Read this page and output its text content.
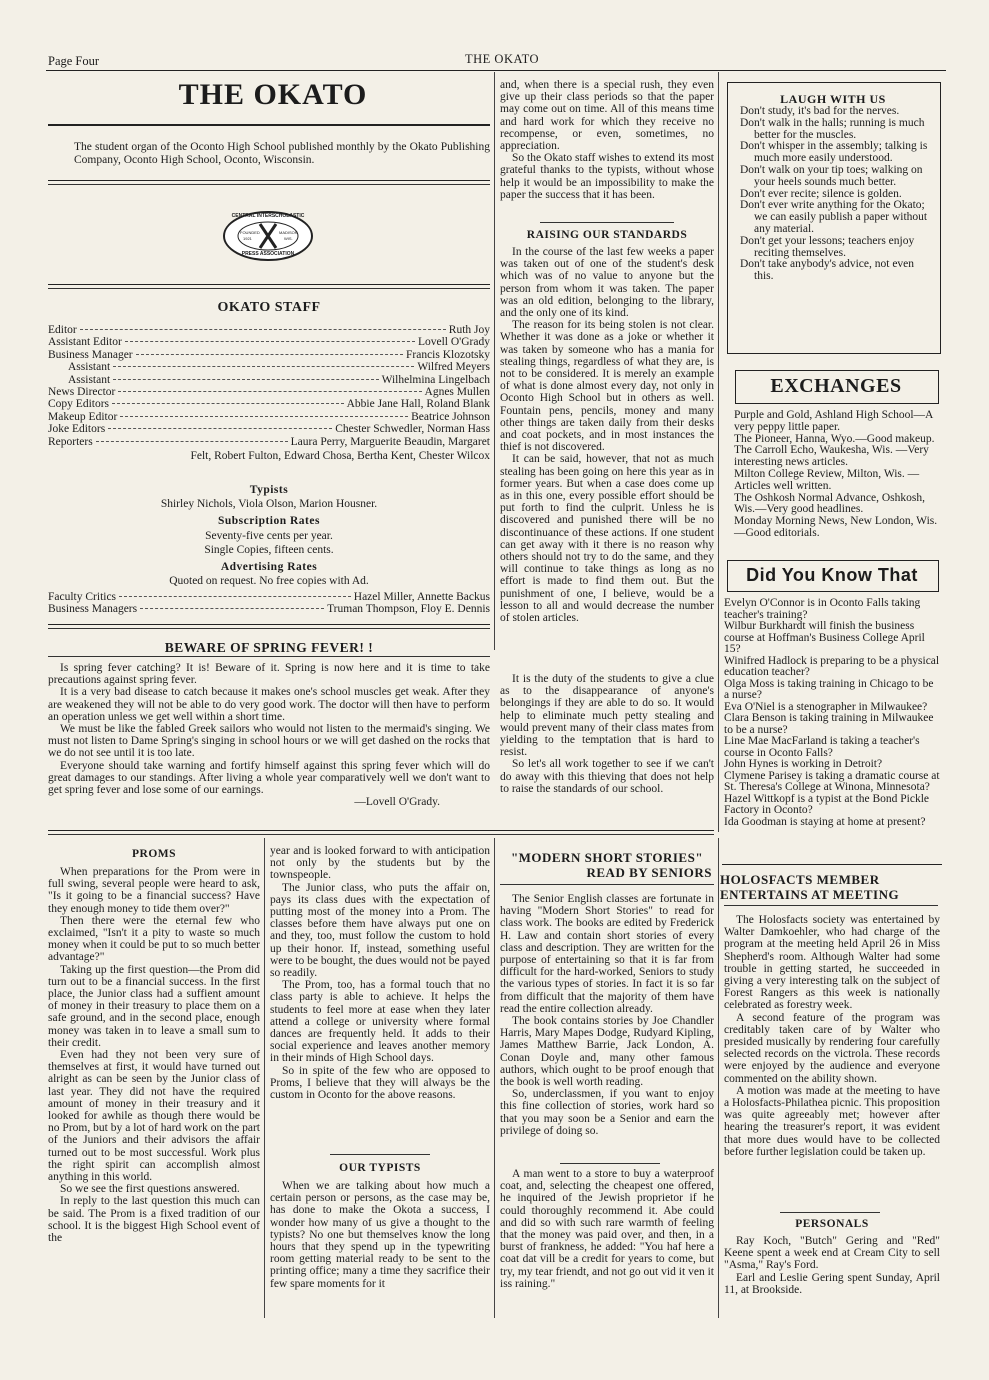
Page Four	THE OKATO
THE OKATO
The student organ of the Oconto High School published monthly by the Okato Publishing Company, Oconto High School, Oconto, Wisconsin.
CENTRAL INTERSCHOLASTIC
FOUNDED
1921
MADISON
WIS.
PRESS ASSOCIATION
OKATO STAFF
Editor	Ruth Joy
Assistant Editor	Lovell O'Grady
Business Manager	Francis Klozotsky
Assistant	Wilfred Meyers
Assistant	Wilhelmina Lingelbach
News Director	Agnes Mullen
Copy Editors	Abbie Jane Hall, Roland Blank
Makeup Editor	Beatrice Johnson
Joke Editors	Chester Schwedler, Norman Hass
Reporters	Laura Perry, Marguerite Beaudin, Margaret
Felt, Robert Fulton, Edward Chosa, Bertha Kent, Chester Wilcox
Typists
Shirley Nichols, Viola Olson, Marion Housner.
Subscription Rates
Seventy-five cents per year.
Single Copies, fifteen cents.
Advertising Rates
Quoted on request. No free copies with Ad.
Faculty Critics	Hazel Miller, Annette Backus
Business Managers	Truman Thompson, Floy E. Dennis

and, when there is a special rush, they even give up their class periods so that the paper may come out on time. All of this means time and hard work for which they receive no recompense, or even, sometimes, no appreciation.

So the Okato staff wishes to extend its most grateful thanks to the typists, without whose help it would be an impossibility to make the paper the success that it has been.

RAISING OUR STANDARDS

In the course of the last few weeks a paper was taken out of one of the student's desk which was of no value to anyone but the person from whom it was taken. The paper was an old edition, belonging to the library, and the only one of its kind.

The reason for its being stolen is not clear. Whether it was done as a joke or whether it was taken by someone who has a mania for stealing things, regardless of what they are, is not to be considered. It is merely an example of what is done almost every day, not only in Oconto High School but in others as well. Fountain pens, pencils, money and many other things are taken daily from their desks and coat pockets, and in most instances the thief is not discovered.

It can be said, however, that not as much stealing has been going on here this year as in former years. But when a case does come up as in this one, every possible effort should be put forth to find the culprit. Unless he is discovered and punished there will be no discontinuance of these actions. If one student can get away with it there is no reason why others should not try to do the same, and they will continue to take things as long as no effort is made to find them out. But the punishment of one, I believe, would be a lesson to all and would decrease the number of stolen articles.

It is the duty of the students to give a clue as to the disappearance of anyone's belongings if they are able to do so. It would help to eliminate much petty stealing and would prevent many of their class mates from yielding to the temptation that is hard to resist.

So let's all work together to see if we can't do away with this thieving that does not help to raise the standards of our school.

BEWARE OF SPRING FEVER! !

Is spring fever catching? It is! Beware of it. Spring is now here and it is time to take precautions against spring fever.

It is a very bad disease to catch because it makes one's school muscles get weak. After they are weakened they will not be able to do very good work. The doctor will then have to perform an operation unless we get well within a short time.

We must be like the fabled Greek sailors who would not listen to the mermaid's singing. We must not listen to Dame Spring's singing in school hours or we will get dashed on the rocks that we do not see until it is too late.

Everyone should take warning and fortify himself against this spring fever which will do great damages to our standings. After living a whole year comparatively well we don't want to get spring fever and lose some of our earnings.

—Lovell O'Grady.
LAUGH WITH US
Don't study, it's bad for the nerves.
Don't walk in the halls; running is much better for the muscles.
Don't whisper in the assembly; talking is much more easily understood.
Don't walk on your tip toes; walking on your heels sounds much better.
Don't ever recite; silence is golden.
Don't ever write anything for the Okato; we can easily publish a paper without any material.
Don't get your lessons; teachers enjoy reciting themselves.
Don't take anybody's advice, not even this.
EXCHANGES
Purple and Gold, Ashland High School—A very peppy little paper.
The Pioneer, Hanna, Wyo.—Good makeup.
The Carroll Echo, Waukesha, Wis. —Very interesting news articles.
Milton College Review, Milton, Wis. —Articles well written.
The Oshkosh Normal Advance, Oshkosh, Wis.—Very good headlines.
Monday Morning News, New London, Wis.—Good editorials.
Did You Know That
Evelyn O'Connor is in Oconto Falls taking teacher's training?
Wilbur Burkhardt will finish the business course at Hoffman's Business College April 15?
Winifred Hadlock is preparing to be a physical education teacher?
Olga Moss is taking training in Chicago to be a nurse?
Eva O'Niel is a stenographer in Milwaukee?
Clara Benson is taking training in Milwaukee to be a nurse?
Line Mae MacFarland is taking a teacher's course in Oconto Falls?
John Hynes is working in Detroit?
Clymene Parisey is taking a dramatic course at St. Theresa's College at Winona, Minnesota?
Hazel Wittkopf is a typist at the Bond Pickle Factory in Oconto?
Ida Goodman is staying at home at present?
PROMS

When preparations for the Prom were in full swing, several people were heard to ask, "Is it going to be a financial success? Have they enough money to tide them over?"

Then there were the eternal few who exclaimed, "Isn't it a pity to waste so much money when it could be put to so much better advantage?"

Taking up the first question—the Prom did turn out to be a financial success. In the first place, the Junior class had a suffient amount of money in their treasury to place them on a safe ground, and in the second place, enough money was taken in to leave a small sum to their credit.

Even had they not been very sure of themselves at first, it would have turned out alright as can be seen by the Junior class of last year. They did not have the required amount of money in their treasury and it looked for awhile as though there would be no Prom, but by a lot of hard work on the part of the Juniors and their advisors the affair turned out to be most successful. Work plus the right spirit can accomplish almost anything in this world.

So we see the first questions answered.

In reply to the last question this much can be said. The Prom is a fixed tradition of our school. It is the biggest High School event of the

year and is looked forward to with anticipation not only by the students but by the townspeople.

The Junior class, who puts the affair on, pays its class dues with the expectation of putting most of the money into a Prom. The classes before them have always put one on and they, too, must follow the custom to hold up their honor. If, instead, something useful were to be bought, the dues would not be payed so readily.

The Prom, too, has a formal touch that no class party is able to achieve. It helps the students to feel more at ease when they later attend a college or university where formal dances are frequently held. It adds to their social experience and leaves another memory in their minds of High School days.

So in spite of the few who are opposed to Proms, I believe that they will always be the custom in Oconto for the above reasons.

OUR TYPISTS

When we are talking about how much a certain person or persons, as the case may be, has done to make the Okota a success, I wonder how many of us give a thought to the typists? No one but themselves know the long hours that they spend up in the typewriting room getting material ready to be sent to the printing office; many a time they sacrifice their few spare moments for it

"MODERN SHORT STORIES"
READ BY SENIORS

The Senior English classes are fortunate in having "Modern Short Stories" to read for class work. The books are edited by Frederick H. Law and contain short stories of every class and description. They are written for the purpose of entertaining so that it is far from difficult for the hard-worked, Seniors to study the various types of stories. In fact it is so far from difficult that the majority of them have read the entire collection already.

The book contains stories by Joe Chandler Harris, Mary Mapes Dodge, Rudyard Kipling, James Matthew Barrie, Jack London, A. Conan Doyle and, many other famous authors, which ought to be proof enough that the book is well worth reading.

So, underclassmen, if you want to enjoy this fine collection of stories, work hard so that you may soon be a Senior and earn the privilege of doing so.

A man went to a store to buy a waterproof coat, and, selecting the cheapest one offered, he inquired of the Jewish proprietor if he could thoroughly recommend it. Abe could and did so with such rare warmth of feeling that the money was paid over, and then, in a burst of frankness, he added: "You haf here a coat dat vill be a credit for years to come, but try, my tear friendt, and not go out vid it ven it iss raining."

HOLOSFACTS MEMBER
ENTERTAINS AT MEETING

The Holosfacts society was entertained by Walter Damkoehler, who had charge of the program at the meeting held April 26 in Miss Shepherd's room. Although Walter had some trouble in getting started, he succeeded in giving a very interesting talk on the subject of Forest Rangers as this week is nationally celebrated as forestry week.

A second feature of the program was creditably taken care of by Walter who presided musically by rendering four carefully selected records on the victrola. These records were enjoyed by the audience and everyone commented on the ability shown.

A motion was made at the meeting to have a Holosfacts-Philathea picnic. This proposition was quite agreeably met; however after hearing the treasurer's report, it was evident that more dues would have to be collected before further legislation could be taken up.

PERSONALS

Ray Koch, "Butch" Gering and "Red" Keene spent a week end at Cream City to sell "Asma," Ray's Ford.

Earl and Leslie Gering spent Sunday, April 11, at Brookside.
